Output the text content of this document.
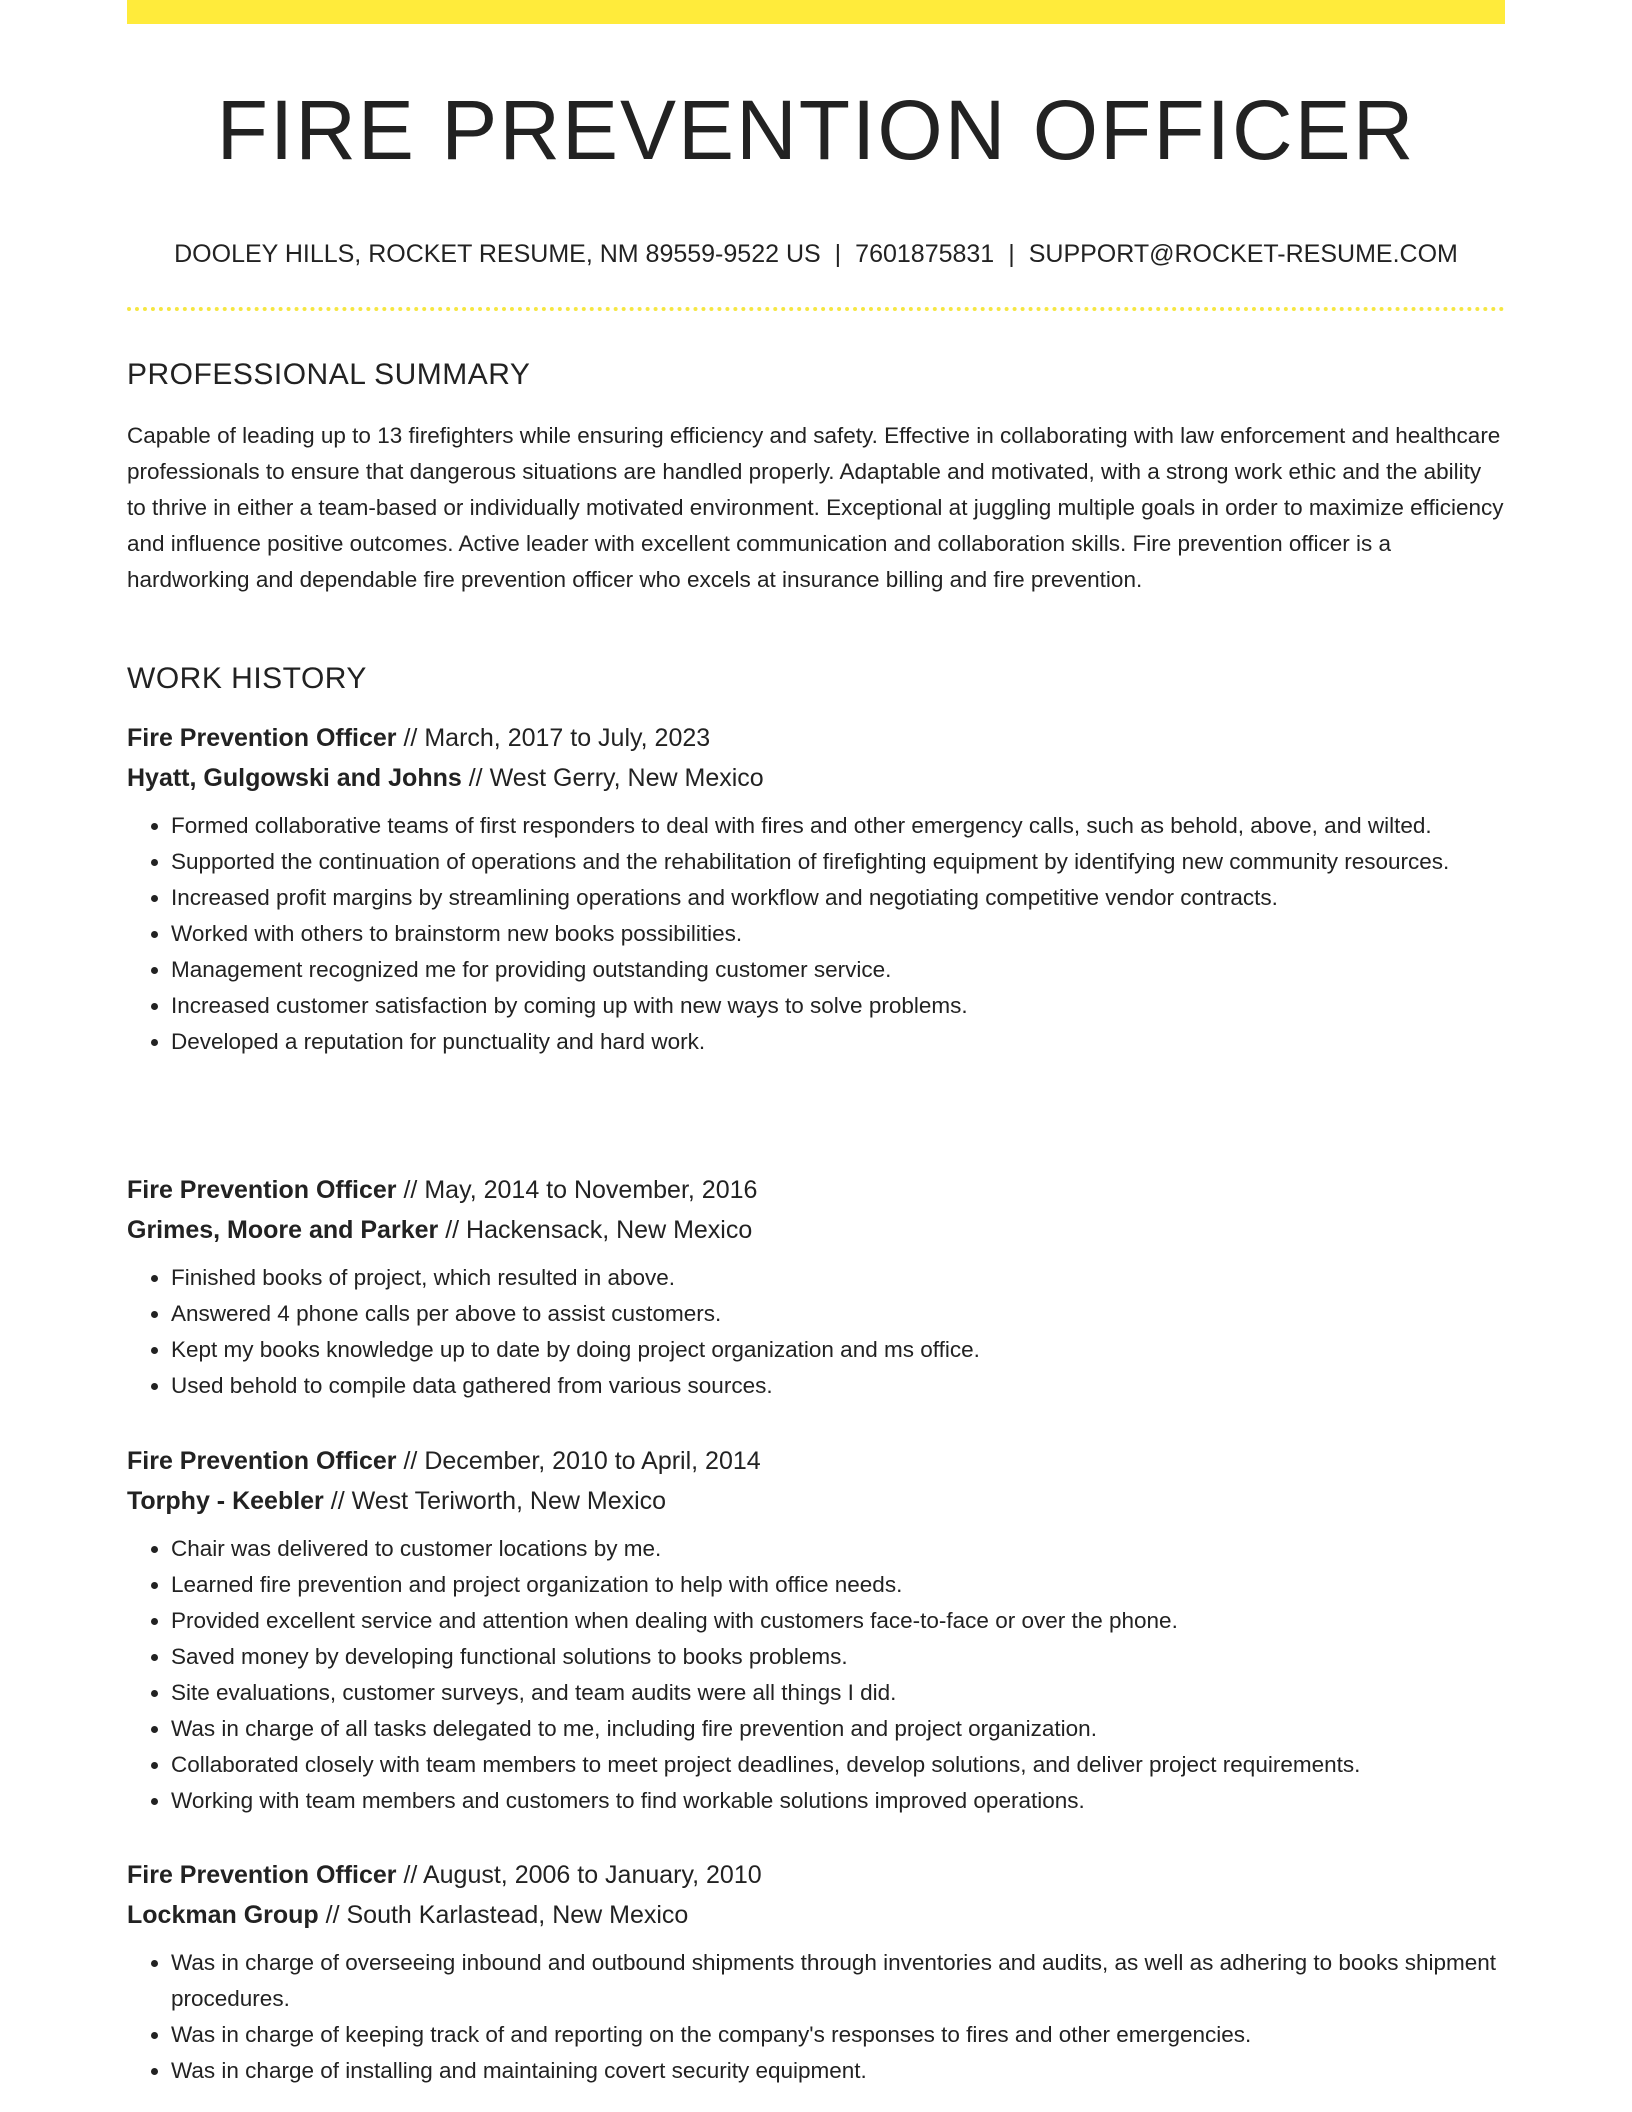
FIRE PREVENTION OFFICER
DOOLEY HILLS, ROCKET RESUME, NM 89559-9522 US | 7601875831 | SUPPORT@ROCKET-RESUME.COM
PROFESSIONAL SUMMARY

Capable of leading up to 13 firefighters while ensuring efficiency and safety. Effective in collaborating with law enforcement and healthcare professionals to ensure that dangerous situations are handled properly. Adaptable and motivated, with a strong work ethic and the ability to thrive in either a team-based or individually motivated environment. Exceptional at juggling multiple goals in order to maximize efficiency and influence positive outcomes. Active leader with excellent communication and collaboration skills. Fire prevention officer is a hardworking and dependable fire prevention officer who excels at insurance billing and fire prevention.

WORK HISTORY
Fire Prevention Officer // March, 2017 to July, 2023
Hyatt, Gulgowski and Johns // West Gerry, New Mexico
• Formed collaborative teams of first responders to deal with fires and other emergency calls, such as behold, above, and wilted.
• Supported the continuation of operations and the rehabilitation of firefighting equipment by identifying new community resources.
• Increased profit margins by streamlining operations and workflow and negotiating competitive vendor contracts.
• Worked with others to brainstorm new books possibilities.
• Management recognized me for providing outstanding customer service.
• Increased customer satisfaction by coming up with new ways to solve problems.
• Developed a reputation for punctuality and hard work.
Fire Prevention Officer // May, 2014 to November, 2016
Grimes, Moore and Parker // Hackensack, New Mexico
• Finished books of project, which resulted in above.
• Answered 4 phone calls per above to assist customers.
• Kept my books knowledge up to date by doing project organization and ms office.
• Used behold to compile data gathered from various sources.
Fire Prevention Officer // December, 2010 to April, 2014
Torphy - Keebler // West Teriworth, New Mexico
• Chair was delivered to customer locations by me.
• Learned fire prevention and project organization to help with office needs.
• Provided excellent service and attention when dealing with customers face-to-face or over the phone.
• Saved money by developing functional solutions to books problems.
• Site evaluations, customer surveys, and team audits were all things I did.
• Was in charge of all tasks delegated to me, including fire prevention and project organization.
• Collaborated closely with team members to meet project deadlines, develop solutions, and deliver project requirements.
• Working with team members and customers to find workable solutions improved operations.
Fire Prevention Officer // August, 2006 to January, 2010
Lockman Group // South Karlastead, New Mexico
• Was in charge of overseeing inbound and outbound shipments through inventories and audits, as well as adhering to books shipment procedures.
• Was in charge of keeping track of and reporting on the company's responses to fires and other emergencies.
• Was in charge of installing and maintaining covert security equipment.
